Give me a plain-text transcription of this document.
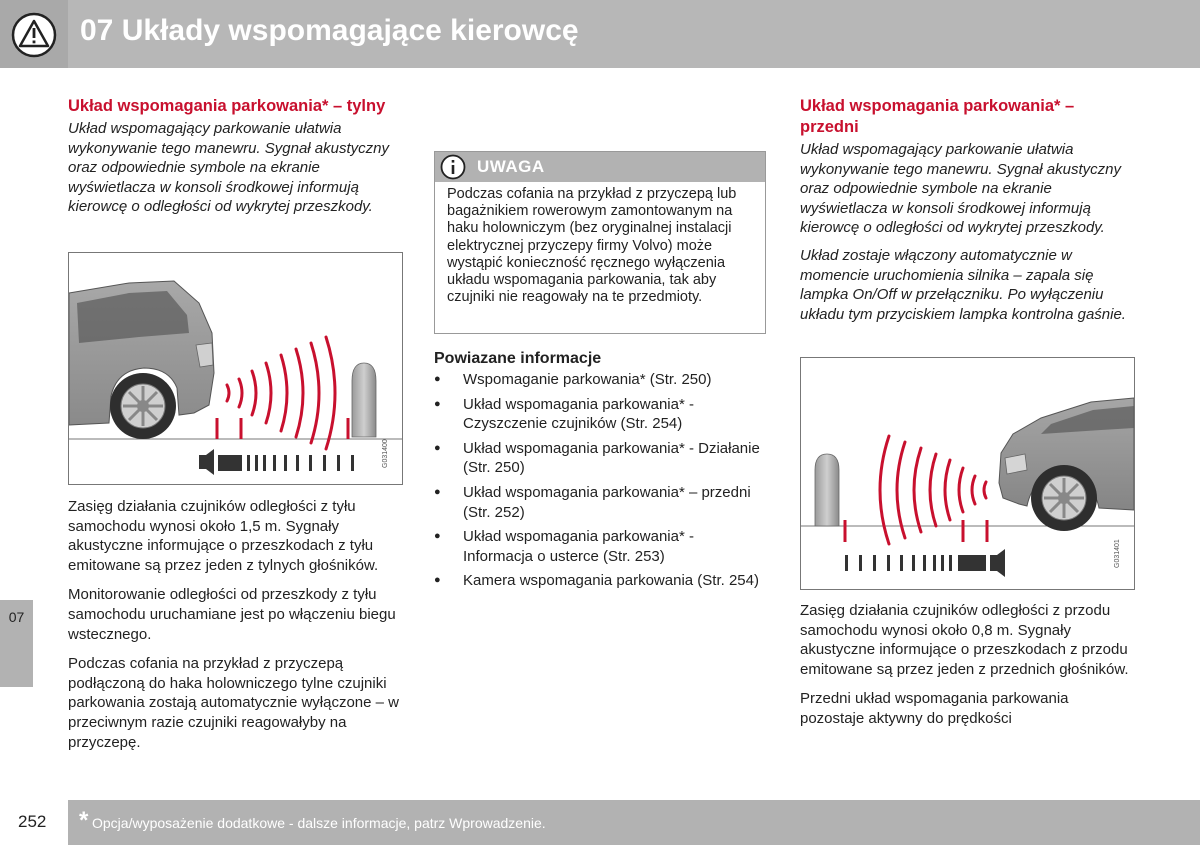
07 Układy wspomagające kierowcę
07
Układ wspomagania parkowania* – tylny
Układ wspomagający parkowanie ułatwia wykonywanie tego manewru. Sygnał akustyczny oraz odpowiednie symbole na ekranie wyświetlacza w konsoli środkowej informują kierowcę o odległości od wykrytej przeszkody.
G031400
Zasięg działania czujników odległości z tyłu samochodu wynosi około 1,5 m. Sygnały akustyczne informujące o przeszkodach z tyłu emitowane są przez jeden z tylnych głośników.
Monitorowanie odległości od przeszkody z tyłu samochodu uruchamiane jest po włączeniu biegu wstecznego.
Podczas cofania na przykład z przyczepą podłączoną do haka holowniczego tylne czujniki parkowania zostają automatycznie wyłączone – w przeciwnym razie czujniki reagowałyby na przyczepę.
UWAGA
Podczas cofania na przykład z przyczepą lub bagażnikiem rowerowym zamontowanym na haku holowniczym (bez oryginalnej instalacji elektrycznej przyczepy firmy Volvo) może wystąpić konieczność ręcznego wyłączenia układu wspomagania parkowania, tak aby czujniki nie reagowały na te przedmioty.
Powiazane informacje
● Wspomaganie parkowania* (Str. 250)
● Układ wspomagania parkowania* - Czyszczenie czujników (Str. 254)
● Układ wspomagania parkowania* - Działanie (Str. 250)
● Układ wspomagania parkowania* – przedni (Str. 252)
● Układ wspomagania parkowania* - Informacja o usterce (Str. 253)
● Kamera wspomagania parkowania (Str. 254)
Układ wspomagania parkowania* – przedni
Układ wspomagający parkowanie ułatwia wykonywanie tego manewru. Sygnał akustyczny oraz odpowiednie symbole na ekranie wyświetlacza w konsoli środkowej informują kierowcę o odległości od wykrytej przeszkody.
Układ zostaje włączony automatycznie w momencie uruchomienia silnika – zapala się lampka On/Off w przełączniku. Po wyłączeniu układu tym przyciskiem lampka kontrolna gaśnie.
G031401
Zasięg działania czujników odległości z przodu samochodu wynosi około 0,8 m. Sygnały akustyczne informujące o przeszkodach z przodu emitowane są przez jeden z przednich głośników.
Przedni układ wspomagania parkowania pozostaje aktywny do prędkości
252 * Opcja/wyposażenie dodatkowe - dalsze informacje, patrz Wprowadzenie.
